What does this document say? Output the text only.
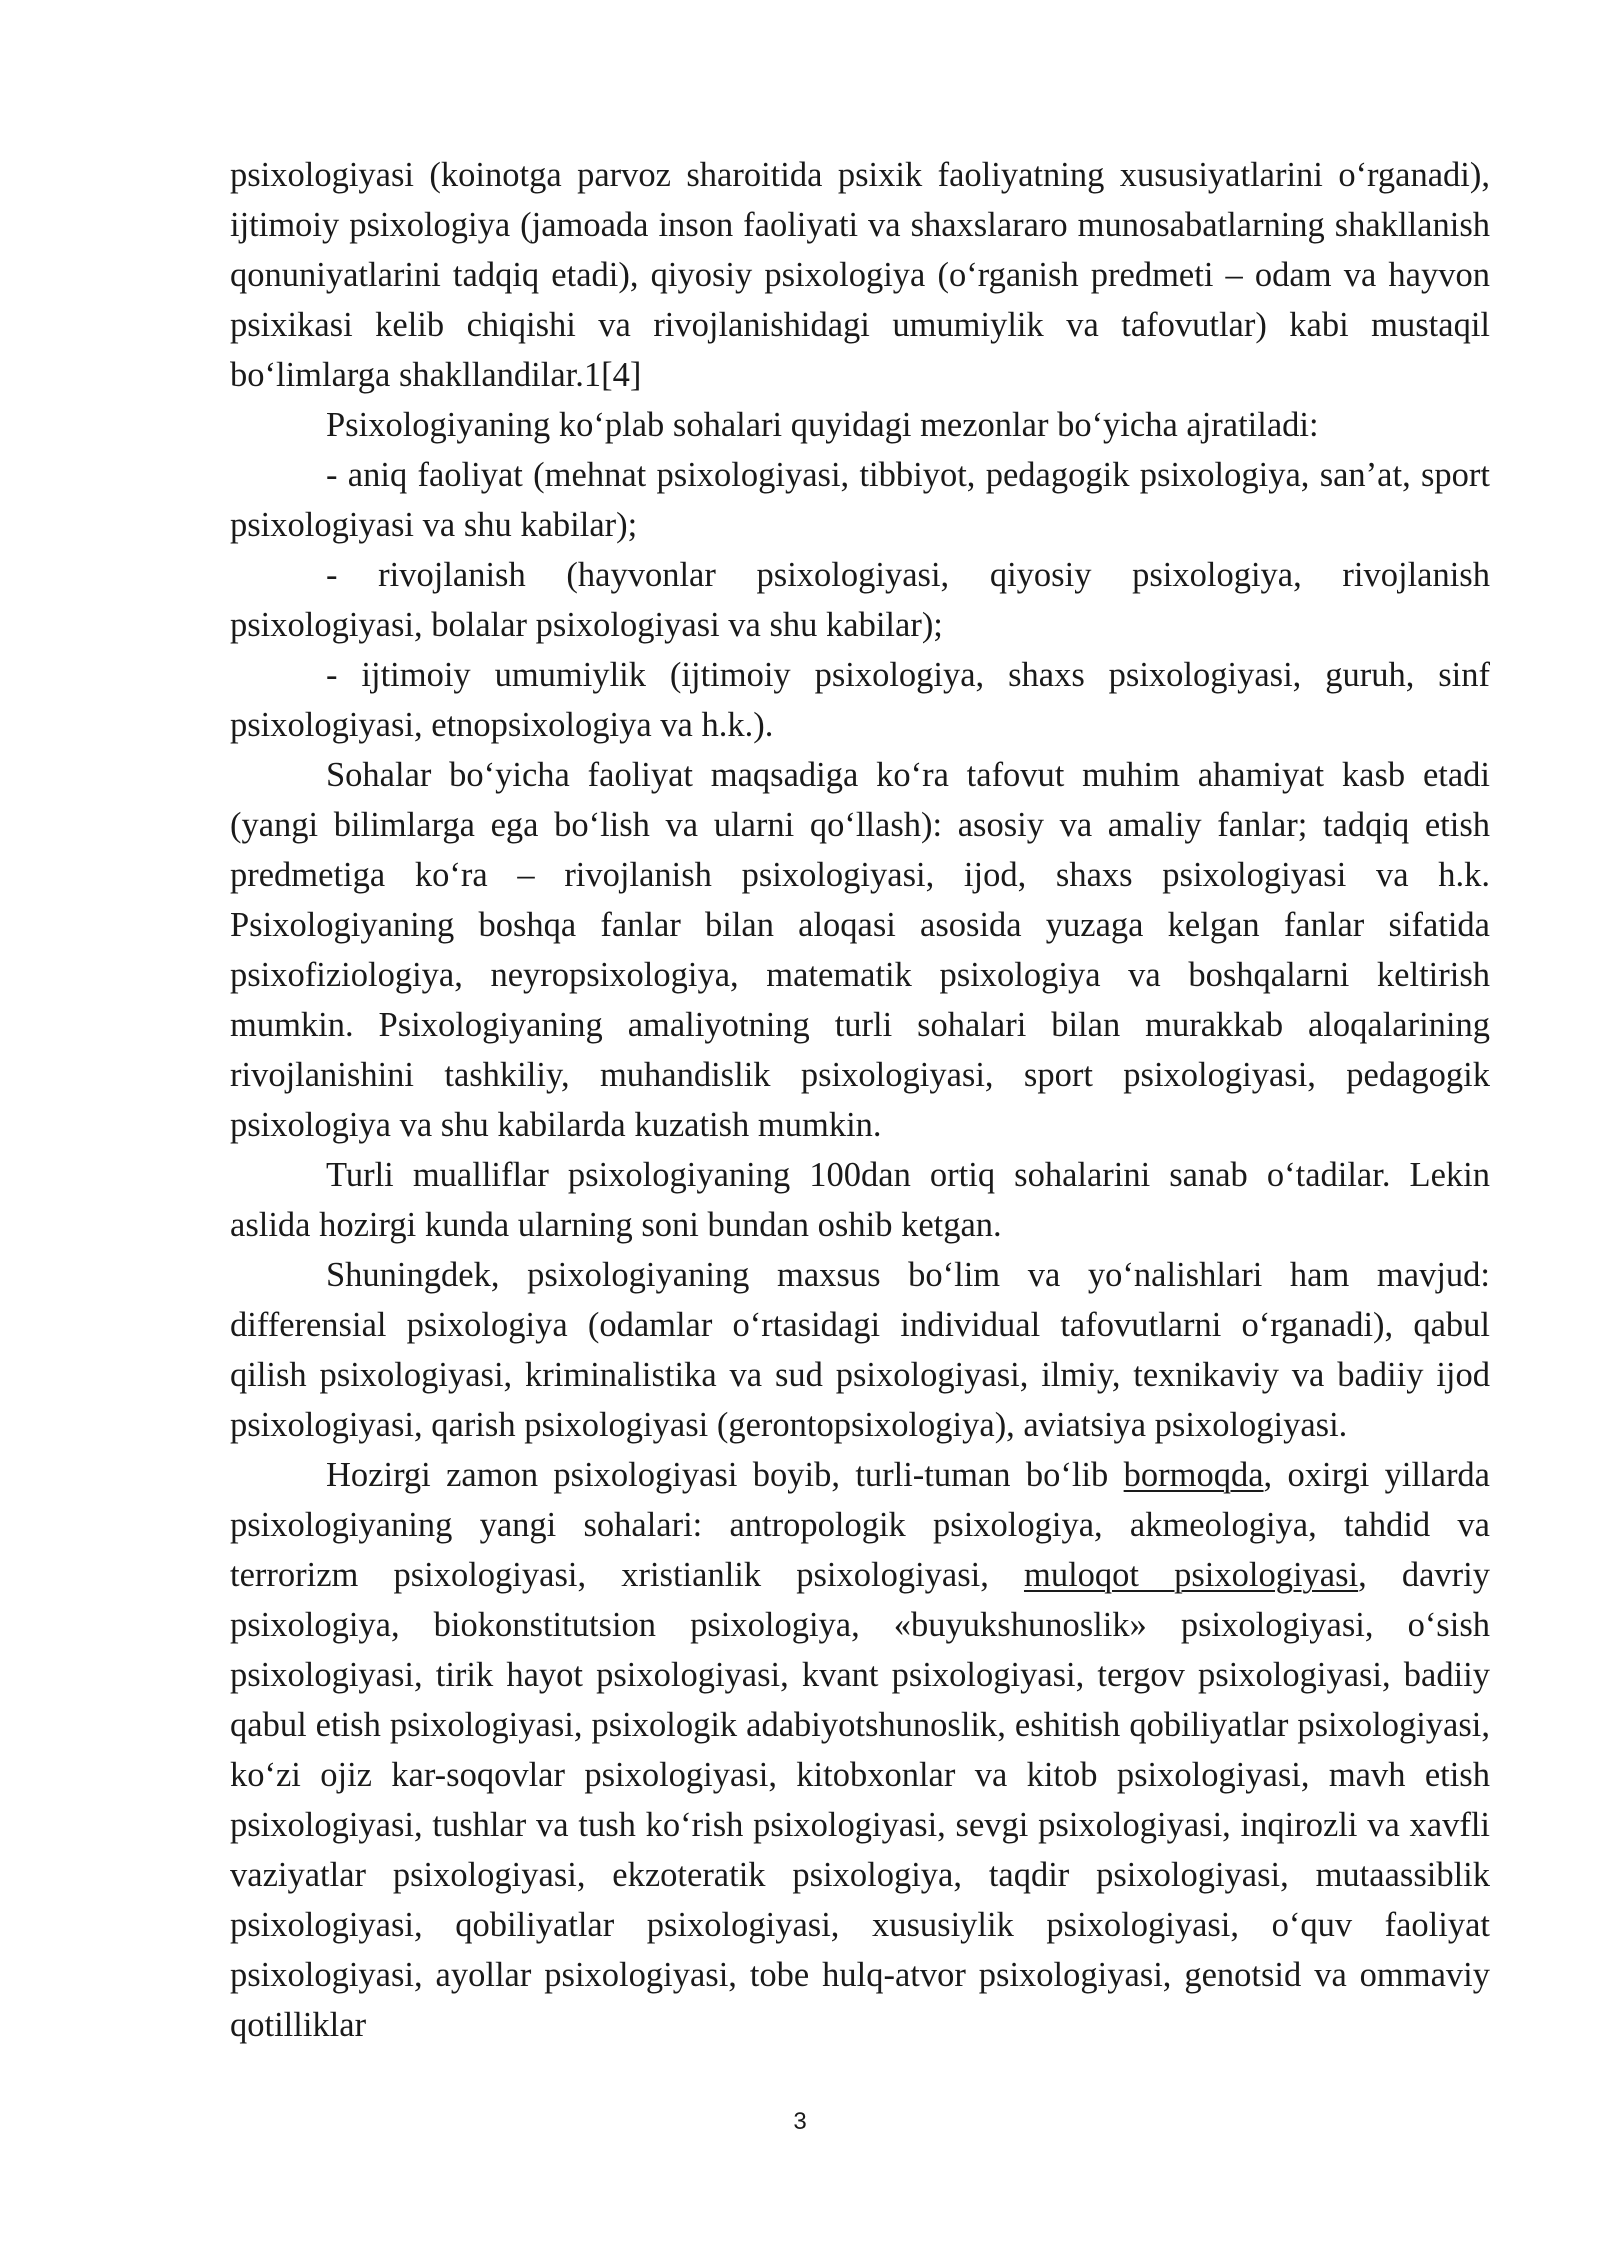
psixologiyasi (koinotga parvoz sharoitida psixik faoliyatning xususiyatlarini o‘rganadi), ijtimoiy psixologiya (jamoada inson faoliyati va shaxslararo munosabatlarning shakllanish qonuniyatlarini tadqiq etadi), qiyosiy psixologiya (o‘rganish predmeti – odam va hayvon psixikasi kelib chiqishi va rivojlanishidagi umumiylik va tafovutlar) kabi mustaqil bo‘limlarga shakllandilar.1[4]

Psixologiyaning ko‘plab sohalari quyidagi mezonlar bo‘yicha ajratiladi:

- aniq faoliyat (mehnat psixologiyasi, tibbiyot, pedagogik psixologiya, san’at, sport psixologiyasi va shu kabilar);

- rivojlanish (hayvonlar psixologiyasi, qiyosiy psixologiya, rivojlanish psixologiyasi, bolalar psixologiyasi va shu kabilar);

- ijtimoiy umumiylik (ijtimoiy psixologiya, shaxs psixologiyasi, guruh, sinf psixologiyasi, etnopsixologiya va h.k.).

Sohalar bo‘yicha faoliyat maqsadiga ko‘ra tafovut muhim ahamiyat kasb etadi (yangi bilimlarga ega bo‘lish va ularni qo‘llash): asosiy va amaliy fanlar; tadqiq etish predmetiga ko‘ra – rivojlanish psixologiyasi, ijod, shaxs psixologiyasi va h.k. Psixologiyaning boshqa fanlar bilan aloqasi asosida yuzaga kelgan fanlar sifatida psixofiziologiya, neyropsixologiya, matematik psixologiya va boshqalarni keltirish mumkin. Psixologiyaning amaliyotning turli sohalari bilan murakkab aloqalarining rivojlanishini tashkiliy, muhandislik psixologiyasi, sport psixologiyasi, pedagogik psixologiya va shu kabilarda kuzatish mumkin.

Turli mualliflar psixologiyaning 100dan ortiq sohalarini sanab o‘tadilar. Lekin aslida hozirgi kunda ularning soni bundan oshib ketgan.

Shuningdek, psixologiyaning maxsus bo‘lim va yo‘nalishlari ham mavjud: differensial psixologiya (odamlar o‘rtasidagi individual tafovutlarni o‘rganadi), qabul qilish psixologiyasi, kriminalistika va sud psixologiyasi, ilmiy, texnikaviy va badiiy ijod psixologiyasi, qarish psixologiyasi (gerontopsixologiya), aviatsiya psixologiyasi.

Hozirgi zamon psixologiyasi boyib, turli-tuman bo‘lib bormoqda, oxirgi yillarda psixologiyaning yangi sohalari: antropologik psixologiya, akmeologiya, tahdid va terrorizm psixologiyasi, xristianlik psixologiyasi, muloqot psixologiyasi, davriy psixologiya, biokonstitutsion psixologiya, «buyukshunoslik» psixologiyasi, o‘sish psixologiyasi, tirik hayot psixologiyasi, kvant psixologiyasi, tergov psixologiyasi, badiiy qabul etish psixologiyasi, psixologik adabiyotshunoslik, eshitish qobiliyatlar psixologiyasi, ko‘zi ojiz kar-soqovlar psixologiyasi, kitobxonlar va kitob psixologiyasi, mavh etish psixologiyasi, tushlar va tush ko‘rish psixologiyasi, sevgi psixologiyasi, inqirozli va xavfli vaziyatlar psixologiyasi, ekzoteratik psixologiya, taqdir psixologiyasi, mutaassiblik psixologiyasi, qobiliyatlar psixologiyasi, xususiylik psixologiyasi, o‘quv faoliyat psixologiyasi, ayollar psixologiyasi, tobe hulq-atvor psixologiyasi, genotsid va ommaviy qotilliklar

3
